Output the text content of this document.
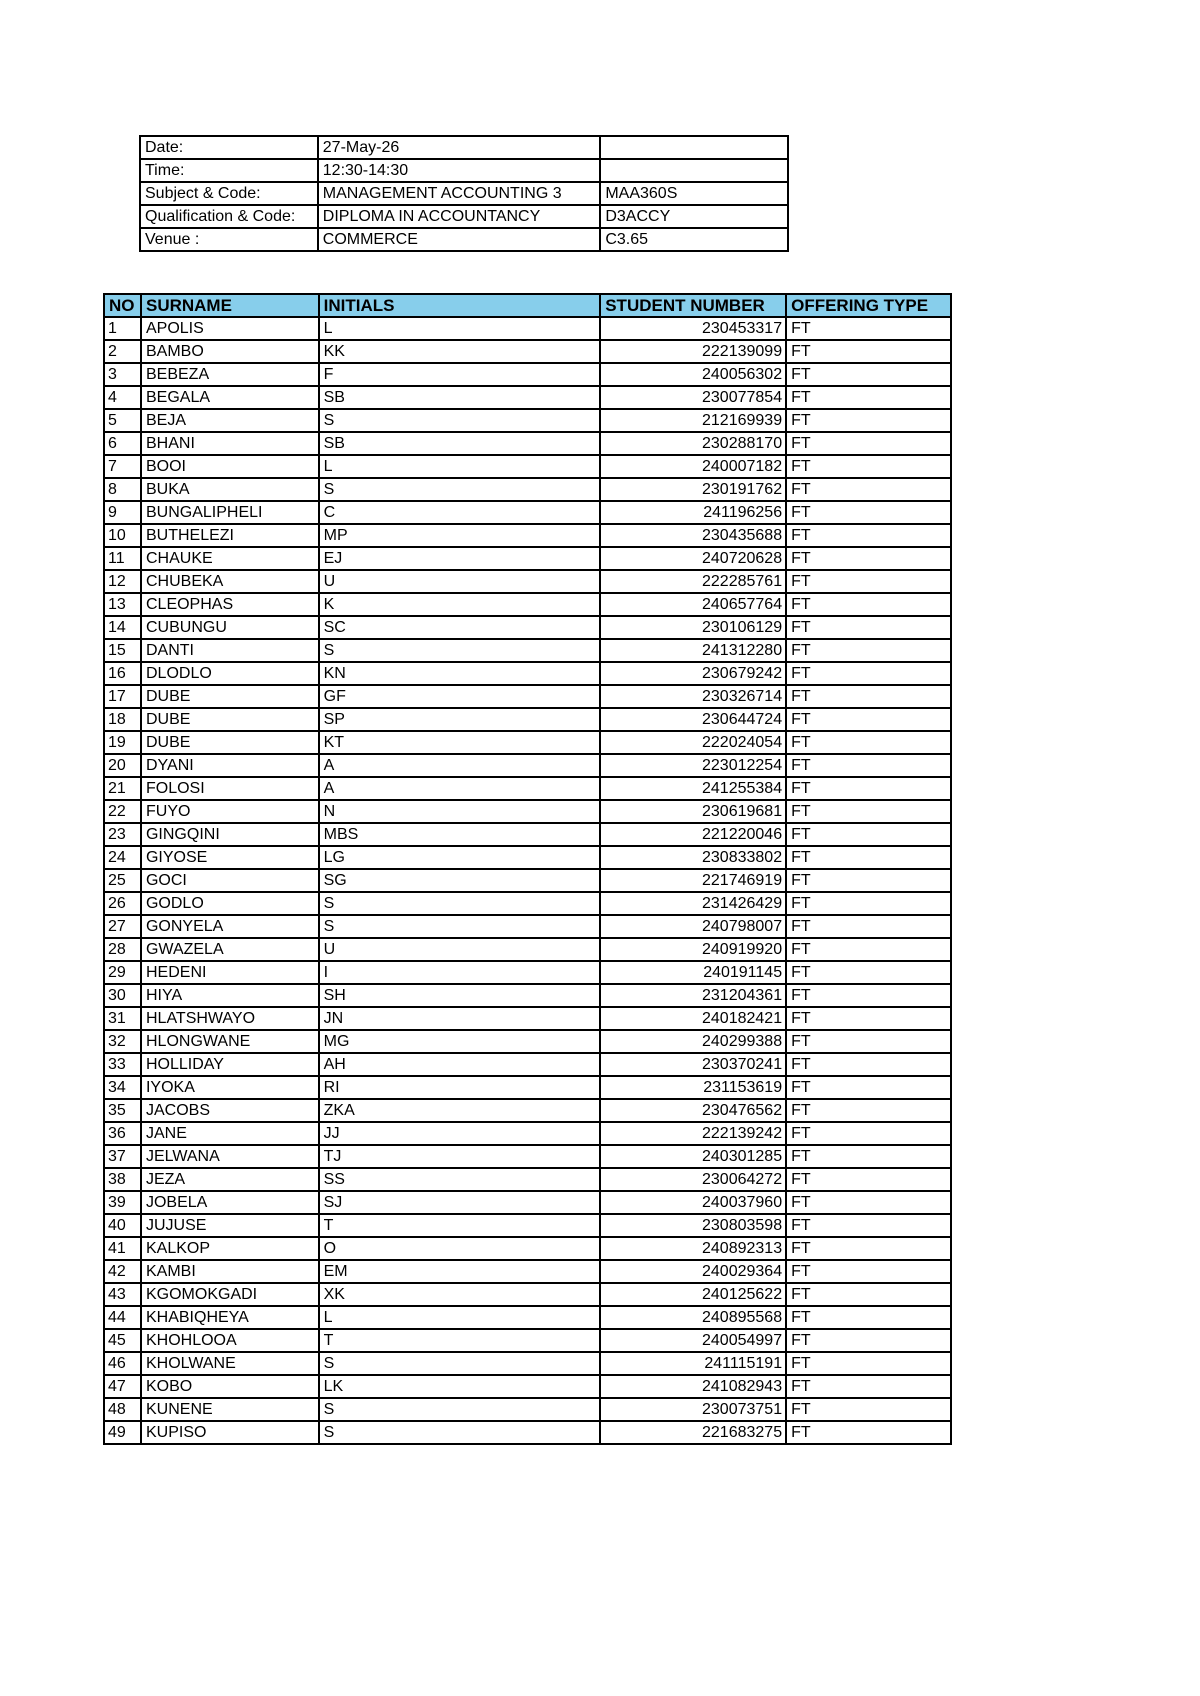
Date:	27-May-26	
Time:	12:30-14:30	
Subject & Code:	MANAGEMENT ACCOUNTING 3	MAA360S
Qualification & Code:	DIPLOMA IN ACCOUNTANCY	D3ACCY
Venue :	COMMERCE	C3.65
NO	SURNAME	INITIALS	STUDENT NUMBER	OFFERING TYPE
1	APOLIS	L	230453317	FT
2	BAMBO	KK	222139099	FT
3	BEBEZA	F	240056302	FT
4	BEGALA	SB	230077854	FT
5	BEJA	S	212169939	FT
6	BHANI	SB	230288170	FT
7	BOOI	L	240007182	FT
8	BUKA	S	230191762	FT
9	BUNGALIPHELI	C	241196256	FT
10	BUTHELEZI	MP	230435688	FT
11	CHAUKE	EJ	240720628	FT
12	CHUBEKA	U	222285761	FT
13	CLEOPHAS	K	240657764	FT
14	CUBUNGU	SC	230106129	FT
15	DANTI	S	241312280	FT
16	DLODLO	KN	230679242	FT
17	DUBE	GF	230326714	FT
18	DUBE	SP	230644724	FT
19	DUBE	KT	222024054	FT
20	DYANI	A	223012254	FT
21	FOLOSI	A	241255384	FT
22	FUYO	N	230619681	FT
23	GINGQINI	MBS	221220046	FT
24	GIYOSE	LG	230833802	FT
25	GOCI	SG	221746919	FT
26	GODLO	S	231426429	FT
27	GONYELA	S	240798007	FT
28	GWAZELA	U	240919920	FT
29	HEDENI	I	240191145	FT
30	HIYA	SH	231204361	FT
31	HLATSHWAYO	JN	240182421	FT
32	HLONGWANE	MG	240299388	FT
33	HOLLIDAY	AH	230370241	FT
34	IYOKA	RI	231153619	FT
35	JACOBS	ZKA	230476562	FT
36	JANE	JJ	222139242	FT
37	JELWANA	TJ	240301285	FT
38	JEZA	SS	230064272	FT
39	JOBELA	SJ	240037960	FT
40	JUJUSE	T	230803598	FT
41	KALKOP	O	240892313	FT
42	KAMBI	EM	240029364	FT
43	KGOMOKGADI	XK	240125622	FT
44	KHABIQHEYA	L	240895568	FT
45	KHOHLOOA	T	240054997	FT
46	KHOLWANE	S	241115191	FT
47	KOBO	LK	241082943	FT
48	KUNENE	S	230073751	FT
49	KUPISO	S	221683275	FT
